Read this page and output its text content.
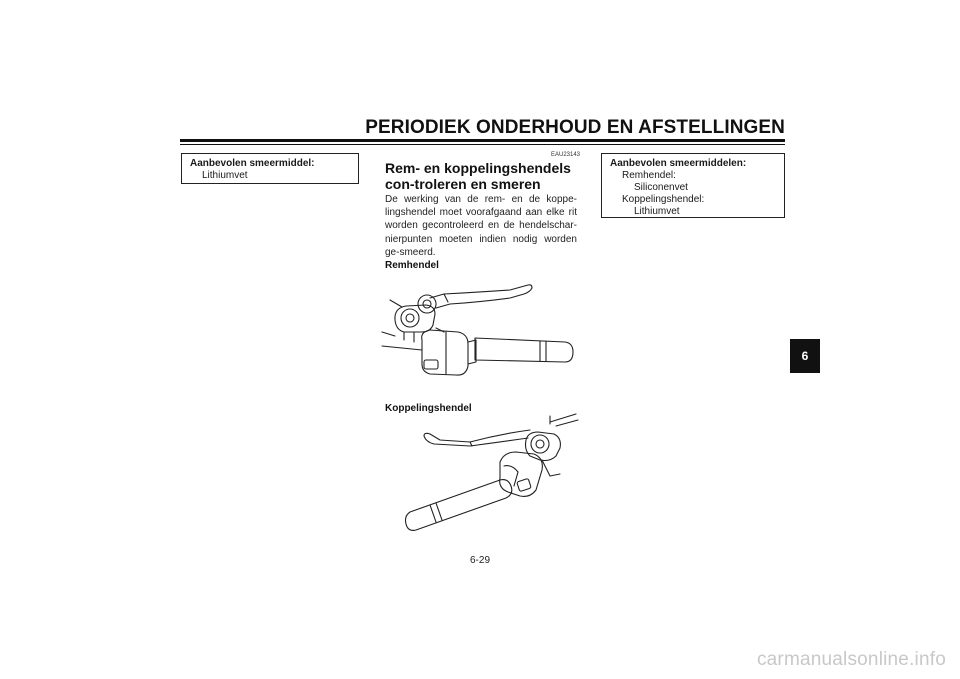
PERIODIEK ONDERHOUD EN AFSTELLINGEN
Aanbevolen smeermiddel:
Lithiumvet
EAU23143
Rem- en koppelingshendels con-troleren en smeren
De werking van de rem- en de koppe-lingshendel moet voorafgaand aan elke rit worden gecontroleerd en de hendelschar-nierpunten moeten indien nodig worden ge-smeerd.
Remhendel
Koppelingshendel
Aanbevolen smeermiddelen:
Remhendel:
Siliconenvet
Koppelingshendel:
Lithiumvet
6-29
6
carmanualsonline.info
